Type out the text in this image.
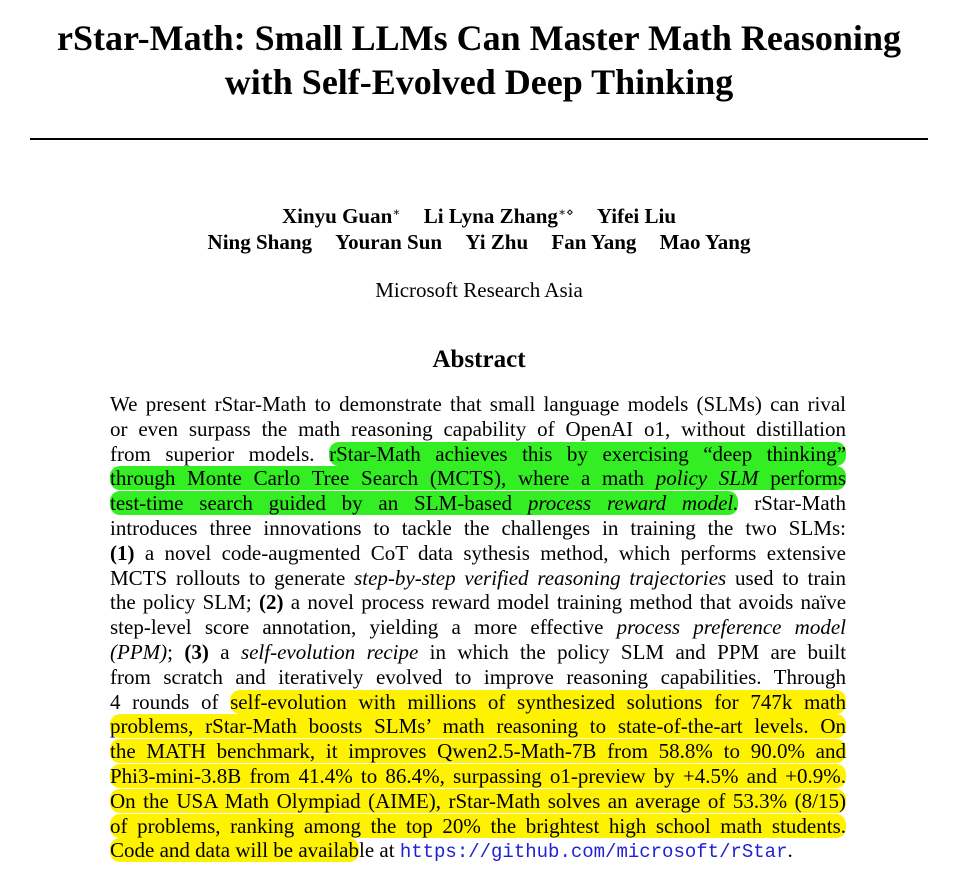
rStar-Math: Small LLMs Can Master Math Reasoning
with Self-Evolved Deep Thinking
Xinyu Guan∗ Li Lyna Zhang∗⋄ Yifei Liu
Ning Shang Youran Sun Yi Zhu Fan Yang Mao Yang
Microsoft Research Asia
Abstract
We present rStar-Math to demonstrate that small language models (SLMs) can rival
or even surpass the math reasoning capability of OpenAI o1, without distillation
from superior models. rStar-Math achieves this by exercising “deep thinking”
through Monte Carlo Tree Search (MCTS), where a math policy SLM performs
test-time search guided by an SLM-based process reward model. rStar-Math
introduces three innovations to tackle the challenges in training the two SLMs:
(1) a novel code-augmented CoT data sythesis method, which performs extensive
MCTS rollouts to generate step-by-step verified reasoning trajectories used to train
the policy SLM; (2) a novel process reward model training method that avoids naïve
step-level score annotation, yielding a more effective process preference model
(PPM); (3) a self-evolution recipe in which the policy SLM and PPM are built
from scratch and iteratively evolved to improve reasoning capabilities. Through
4 rounds of self-evolution with millions of synthesized solutions for 747k math
problems, rStar-Math boosts SLMs’ math reasoning to state-of-the-art levels. On
the MATH benchmark, it improves Qwen2.5-Math-7B from 58.8% to 90.0% and
Phi3-mini-3.8B from 41.4% to 86.4%, surpassing o1-preview by +4.5% and +0.9%.
On the USA Math Olympiad (AIME), rStar-Math solves an average of 53.3% (8/15)
of problems, ranking among the top 20% the brightest high school math students.
Code and data will be available at https://github.com/microsoft/rStar.
